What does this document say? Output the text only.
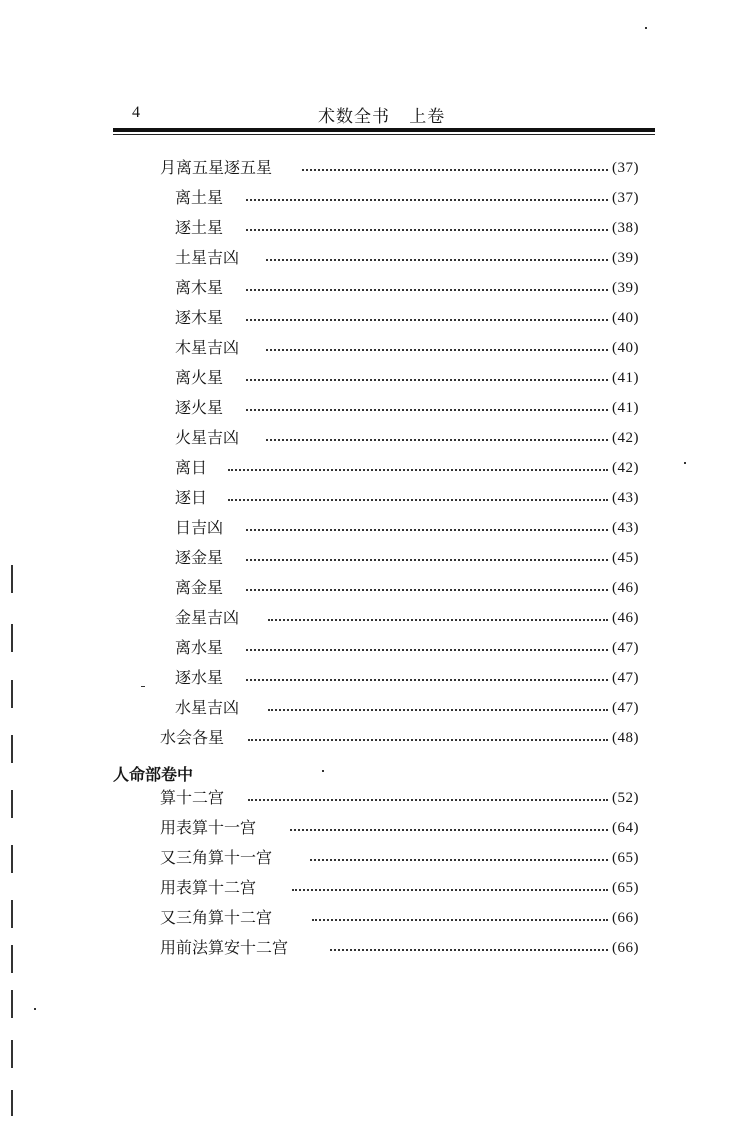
4	术数全书   上卷
月离五星逐五星	(37)
离土星	(37)
逐土星	(38)
土星吉凶	(39)
离木星	(39)
逐木星	(40)
木星吉凶	(40)
离火星	(41)
逐火星	(41)
火星吉凶	(42)
离日	(42)
逐日	(43)
日吉凶	(43)
逐金星	(45)
离金星	(46)
金星吉凶	(46)
离水星	(47)
逐水星	(47)
水星吉凶	(47)
水会各星	(48)
算十二宫	(52)
用表算十一宫	(64)
又三角算十一宫	(65)
用表算十二宫	(65)
又三角算十二宫	(66)
用前法算安十二宫	(66)
人命部卷中
